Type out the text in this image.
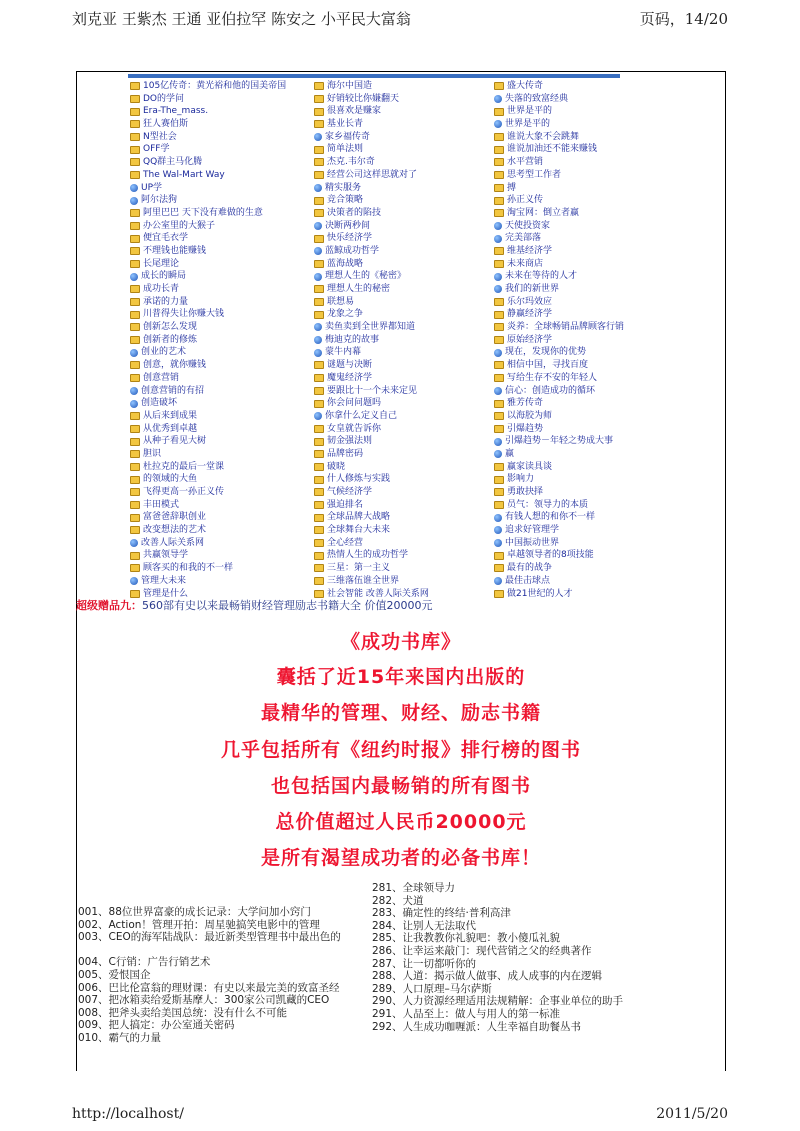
刘克亚 王紫杰 王通 亚伯拉罕 陈安之 小平民大富翁	页码，14/20
105亿传奇：黄光裕和他的国美帝国
DO的学问
Era-The_mass.
狂人赛伯斯
N型社会
OFF学
QQ群主马化腾
The Wal-Mart Way
UP学
阿尔法狗
阿里巴巴 天下没有难做的生意
办公室里的大猴子
便宜毛衣学
不理钱也能赚钱
长尾理论
成长的瞬局
成功长青
承诺的力量
川普得失让你赚大钱
创新怎么发现
创新者的修炼
创业的艺术
创意，就你赚钱
创意营销
创意营销的有招
创造破坏
从后来到成果
从优秀到卓越
从种子看见大树
胆识
杜拉克的最后一堂课
的领域的大鱼
飞得更高一孙正义传
丰田模式
富爸爸辞职创业
改变想法的艺术
改善人际关系网
共赢领导学
顾客买的和我的不一样
管理大未来
管理是什么
海尔中国造
好销较比你嫌翻天
很喜欢是赚家
基业长青
家乡福传奇
简单法则
杰克.韦尔奇
经营公司这样思就对了
精实服务
竞合策略
决策者的陷技
决断两秒间
快乐经济学
蓝鲸成功哲学
蓝海战略
理想人生的《秘密》
理想人生的秘密
联想易
龙象之争
卖鱼卖到全世界都知道
梅迪克的故事
蒙牛内幕
谜题与决断
魔鬼经济学
要跟比十一个未来定见
你会问问题吗
你拿什么定义自己
女皇就告诉你
韧金强法则
品牌密码
破晓
什人修炼与实践
气候经济学
强迫排名
全球品牌大战略
全球舞台大未来
全心经营
热情人生的成功哲学
三星：第一主义
三维落伍谁全世界
社会智能 改善人际关系网
盛大传奇
失落的致富经典
世界是平的
世界是平的
谁说大象不会跳舞
谁说加油还不能来赚钱
水平营销
思考型工作者
搏
孙正义传
淘宝网：倒立者赢
天使投资家
完美部落
维基经济学
未来商店
未来在等待的人才
我们的新世界
乐尔玛效应
静赢经济学
炎养：全球畅销品牌顾客行销
原始经济学
现在，发现你的优势
相信中国，寻找百度
写给生存不安的年轻人
信心：创造成功的循环
雅芳传奇
以海胶为师
引爆趋势
引爆趋势－年轻之势成大事
赢
赢家读具谈
影响力
勇敢抉择
员气：领导力的本质
有钱人想的和你不一样
追求好管理学
中国振动世界
卓越领导者的8项技能
最有的战争
最佳击球点
做21世纪的人才
超级赠品九：560部有史以来最畅销财经管理励志书籍大全 价值20000元
《成功书库》
囊括了近15年来国内出版的
最精华的管理、财经、励志书籍
几乎包括所有《纽约时报》排行榜的图书
也包括国内最畅销的所有图书
总价值超过人民币20000元
是所有渴望成功者的必备书库！
001、88位世界富豪的成长记录：大学问加小窍门
002、Action！管理开拍：周星驰搞笑电影中的管理
003、CEO的海军陆战队：最近新类型管理书中最出色的
004、C行销：广告行销艺术
005、爱恨国企
006、巴比伦富翁的理财课：有史以来最完美的致富圣经
007、把冰箱卖给爱斯基摩人：300家公司凯藏的CEO
008、把斧头卖给美国总统：没有什么不可能
009、把人搞定：办公室通关密码
010、霸气的力量
281、全球领导力
282、犬道
283、确定性的终结·普利高津
284、让别人无法取代
285、让我教教你礼貌吧：教小傻瓜礼貌
286、让幸运来敲门：现代营销之父的经典著作
287、让一切都听你的
288、人道：揭示做人做事、成人成事的内在逻辑
289、人口原理–马尔萨斯
290、人力资源经理适用法规精解：企事业单位的助手
291、人品至上：做人与用人的第一标准
292、人生成功咖喱派：人生幸福自助餐丛书
http://localhost/	2011/5/20
